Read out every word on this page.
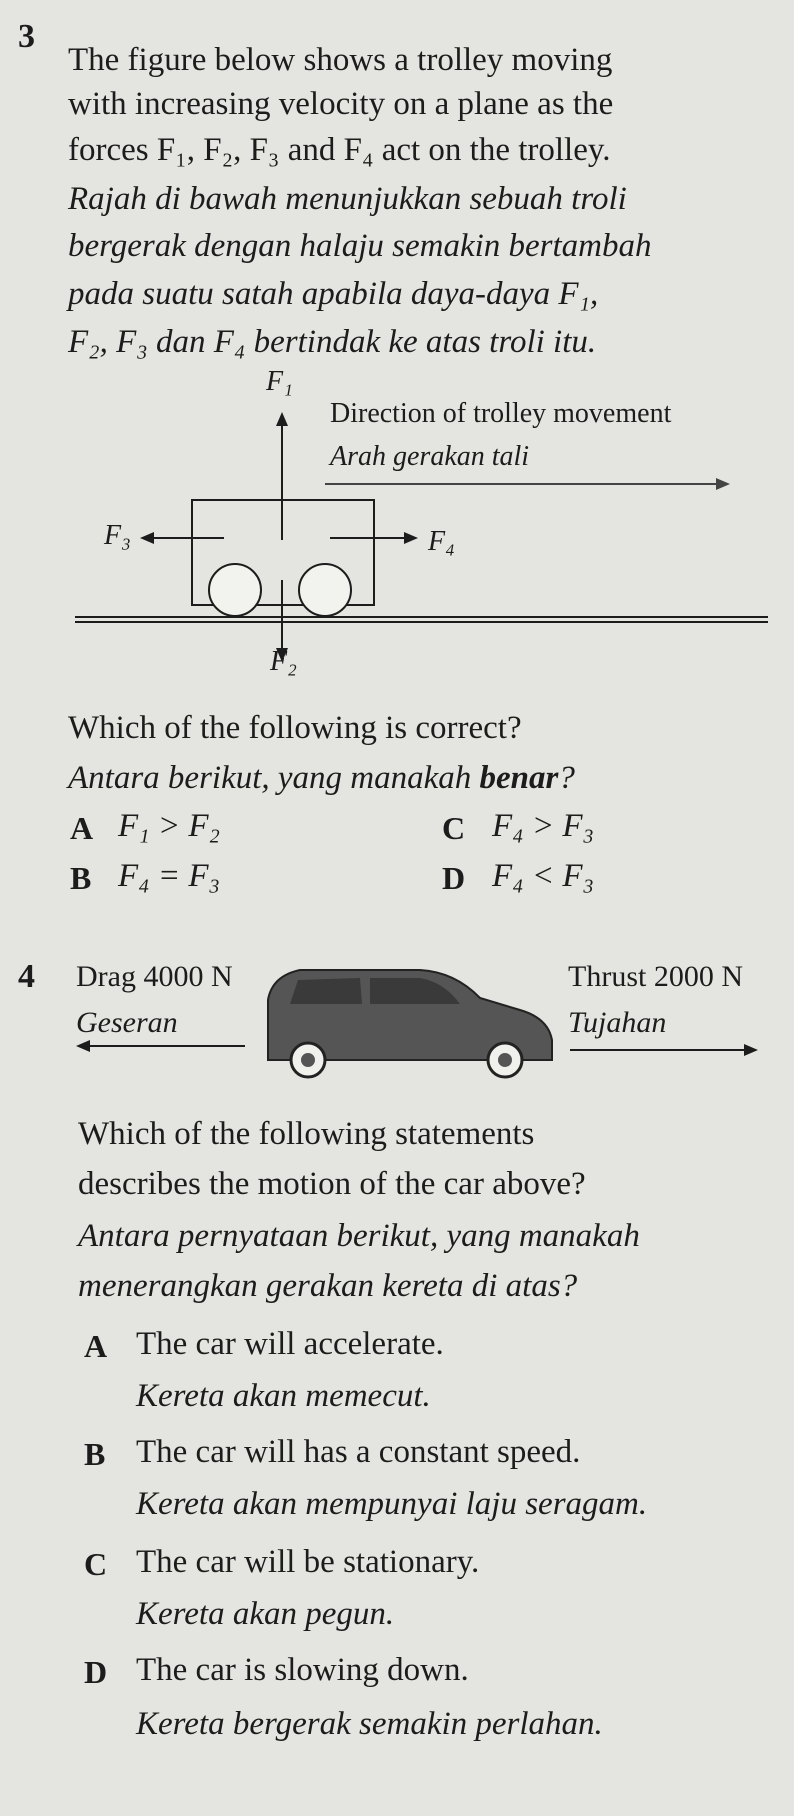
3
The figure below shows a trolley moving
with increasing velocity on a plane as the
forces F₁, F₂, F₃ and F₄ act on the trolley.
Rajah di bawah menunjukkan sebuah troli
bergerak dengan halaju semakin bertambah
pada suatu satah apabila daya-daya F₁,
F₂, F₃ dan F₄ bertindak ke atas troli itu.
F₁
Direction of trolley movement
Arah gerakan tali
F₃	F₄
F₂
Which of the following is correct?
Antara berikut, yang manakah benar?
A F₁ > F₂
B F₄ = F₃
C F₄ > F₃
D F₄ < F₃
4 Drag 4000 N
Geseran
Thrust 2000 N
Tujahan
Which of the following statements
describes the motion of the car above?
Antara pernyataan berikut, yang manakah
menerangkan gerakan kereta di atas?
A The car will accelerate.
Kereta akan memecut.
B The car will has a constant speed.
Kereta akan mempunyai laju seragam.
C The car will be stationary.
Kereta akan pegun.
D The car is slowing down.
Kereta bergerak semakin perlahan.
